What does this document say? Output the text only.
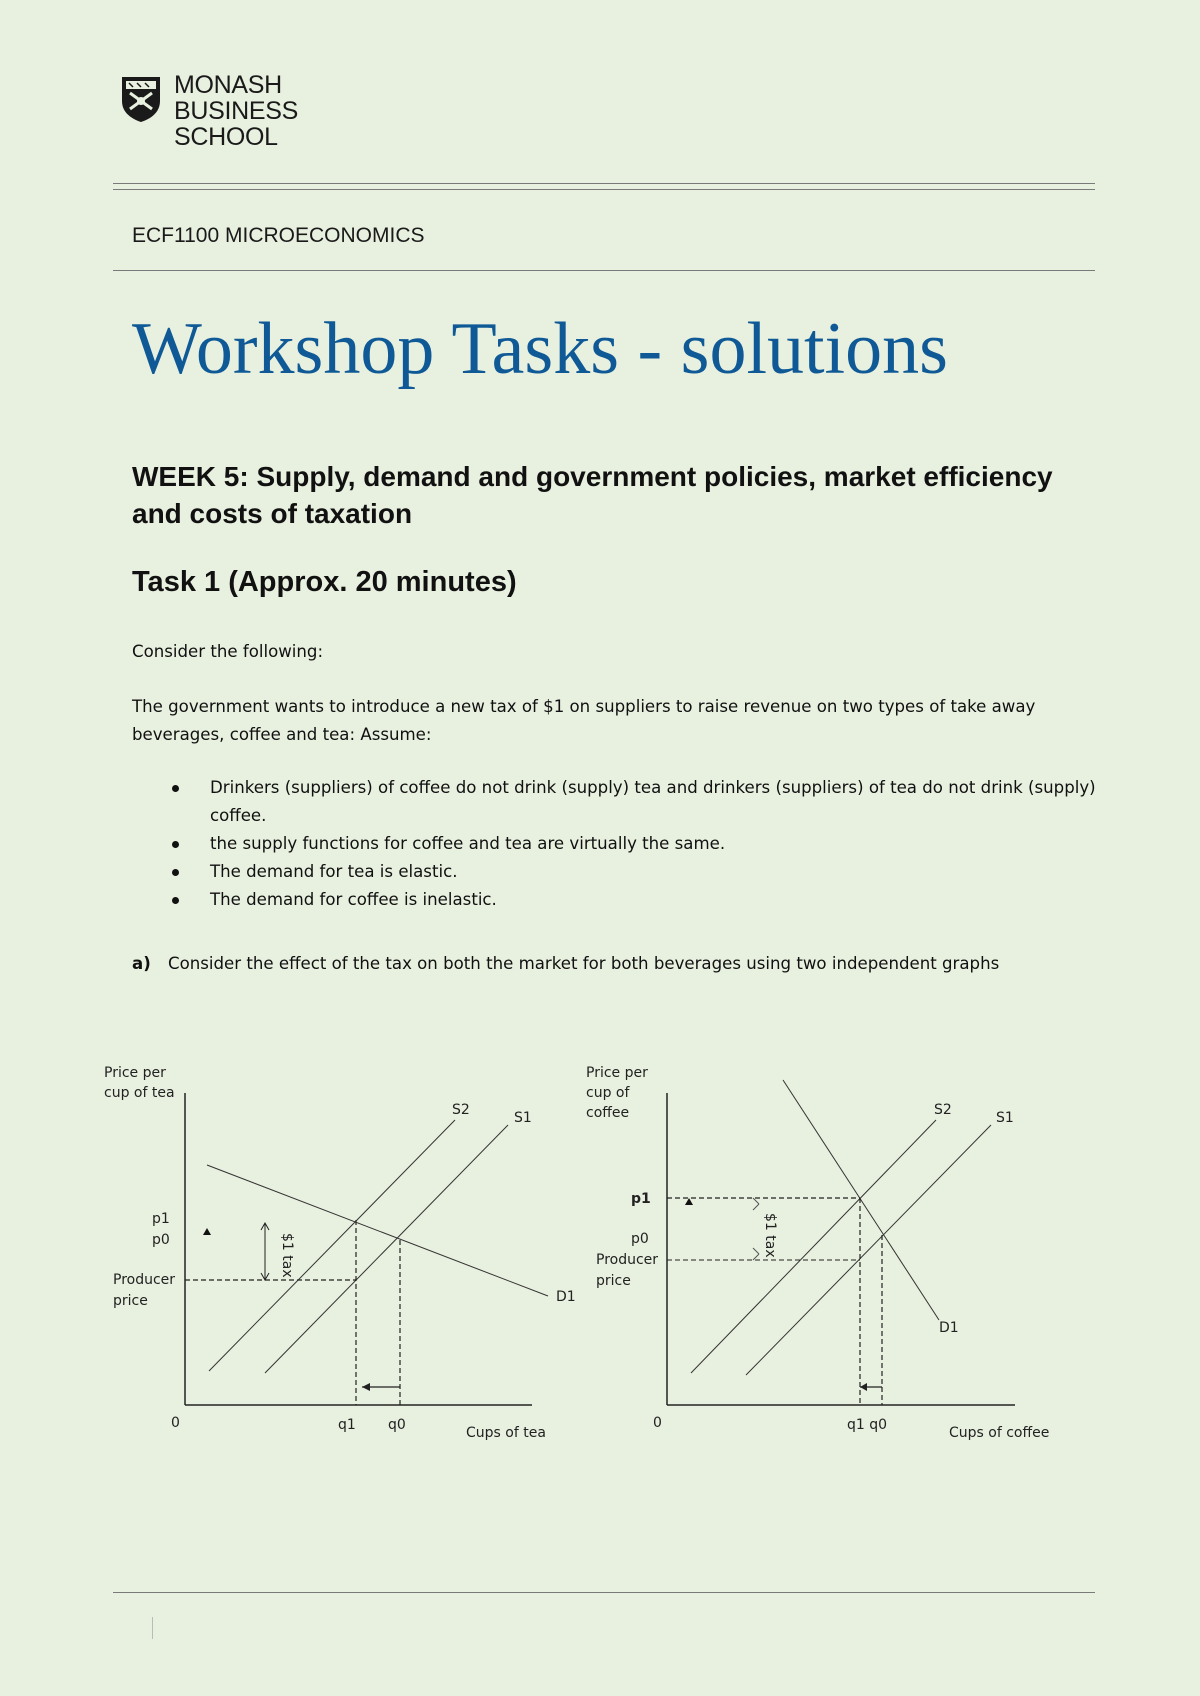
MONASH
BUSINESS
SCHOOL
ECF1100 MICROECONOMICS
Workshop Tasks - solutions
WEEK 5: Supply, demand and government policies, market efficiency and costs of taxation
Task 1 (Approx. 20 minutes)
Consider the following:
The government wants to introduce a new tax of $1 on suppliers to raise revenue on two types of take away beverages, coffee and tea: Assume:
Drinkers (suppliers) of coffee do not drink (supply) tea and drinkers (suppliers) of tea do not drink (supply) coffee.
the supply functions for coffee and tea are virtually the same.
The demand for tea is elastic.
The demand for coffee is inelastic.
a) Consider the effect of the tax on both the market for both beverages using two independent graphs
Price per
cup of tea
p1
p0
Producer
price
0	q1 q0	Cups of tea
S2	S1
D1
$1 tax
Price per
cup of
coffee
p1
p0
Producer
price
0	q1 q0	Cups of coffee
S2	S1
D1
$1 tax
